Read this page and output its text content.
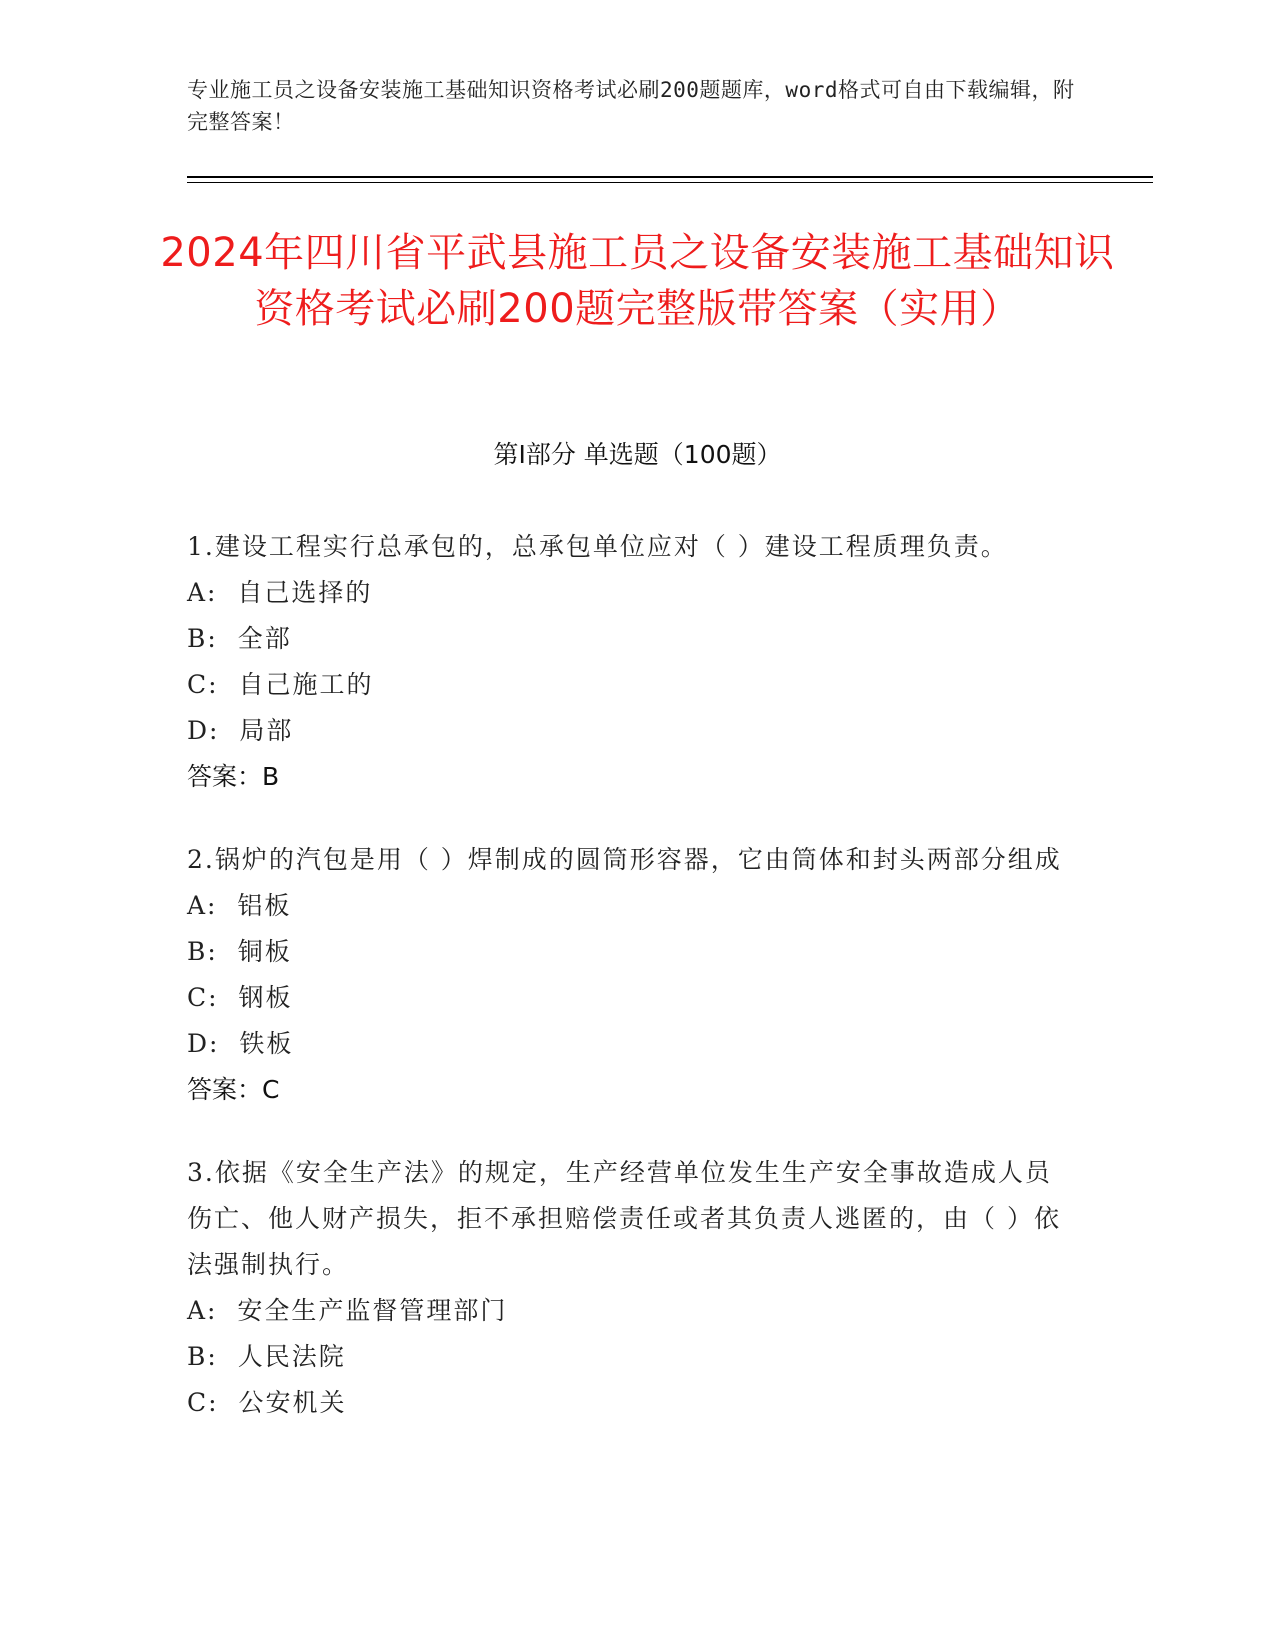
专业施工员之设备安装施工基础知识资格考试必刷200题题库，word格式可自由下载编辑，附完整答案！
2024年四川省平武县施工员之设备安装施工基础知识资格考试必刷200题完整版带答案（实用）
第Ⅰ部分 单选题（100题）
1.建设工程实行总承包的，总承包单位应对（ ）建设工程质理负责。
A:  自己选择的
B:  全部
C:  自己施工的
D:  局部
答案：B
2.锅炉的汽包是用（ ）焊制成的圆筒形容器，它由筒体和封头两部分组成
A:  铝板
B:  铜板
C:  钢板
D:  铁板
答案：C
3.依据《安全生产法》的规定，生产经营单位发生生产安全事故造成人员伤亡、他人财产损失，拒不承担赔偿责任或者其负责人逃匿的，由（ ）依法强制执行。
A:  安全生产监督管理部门
B:  人民法院
C:  公安机关
